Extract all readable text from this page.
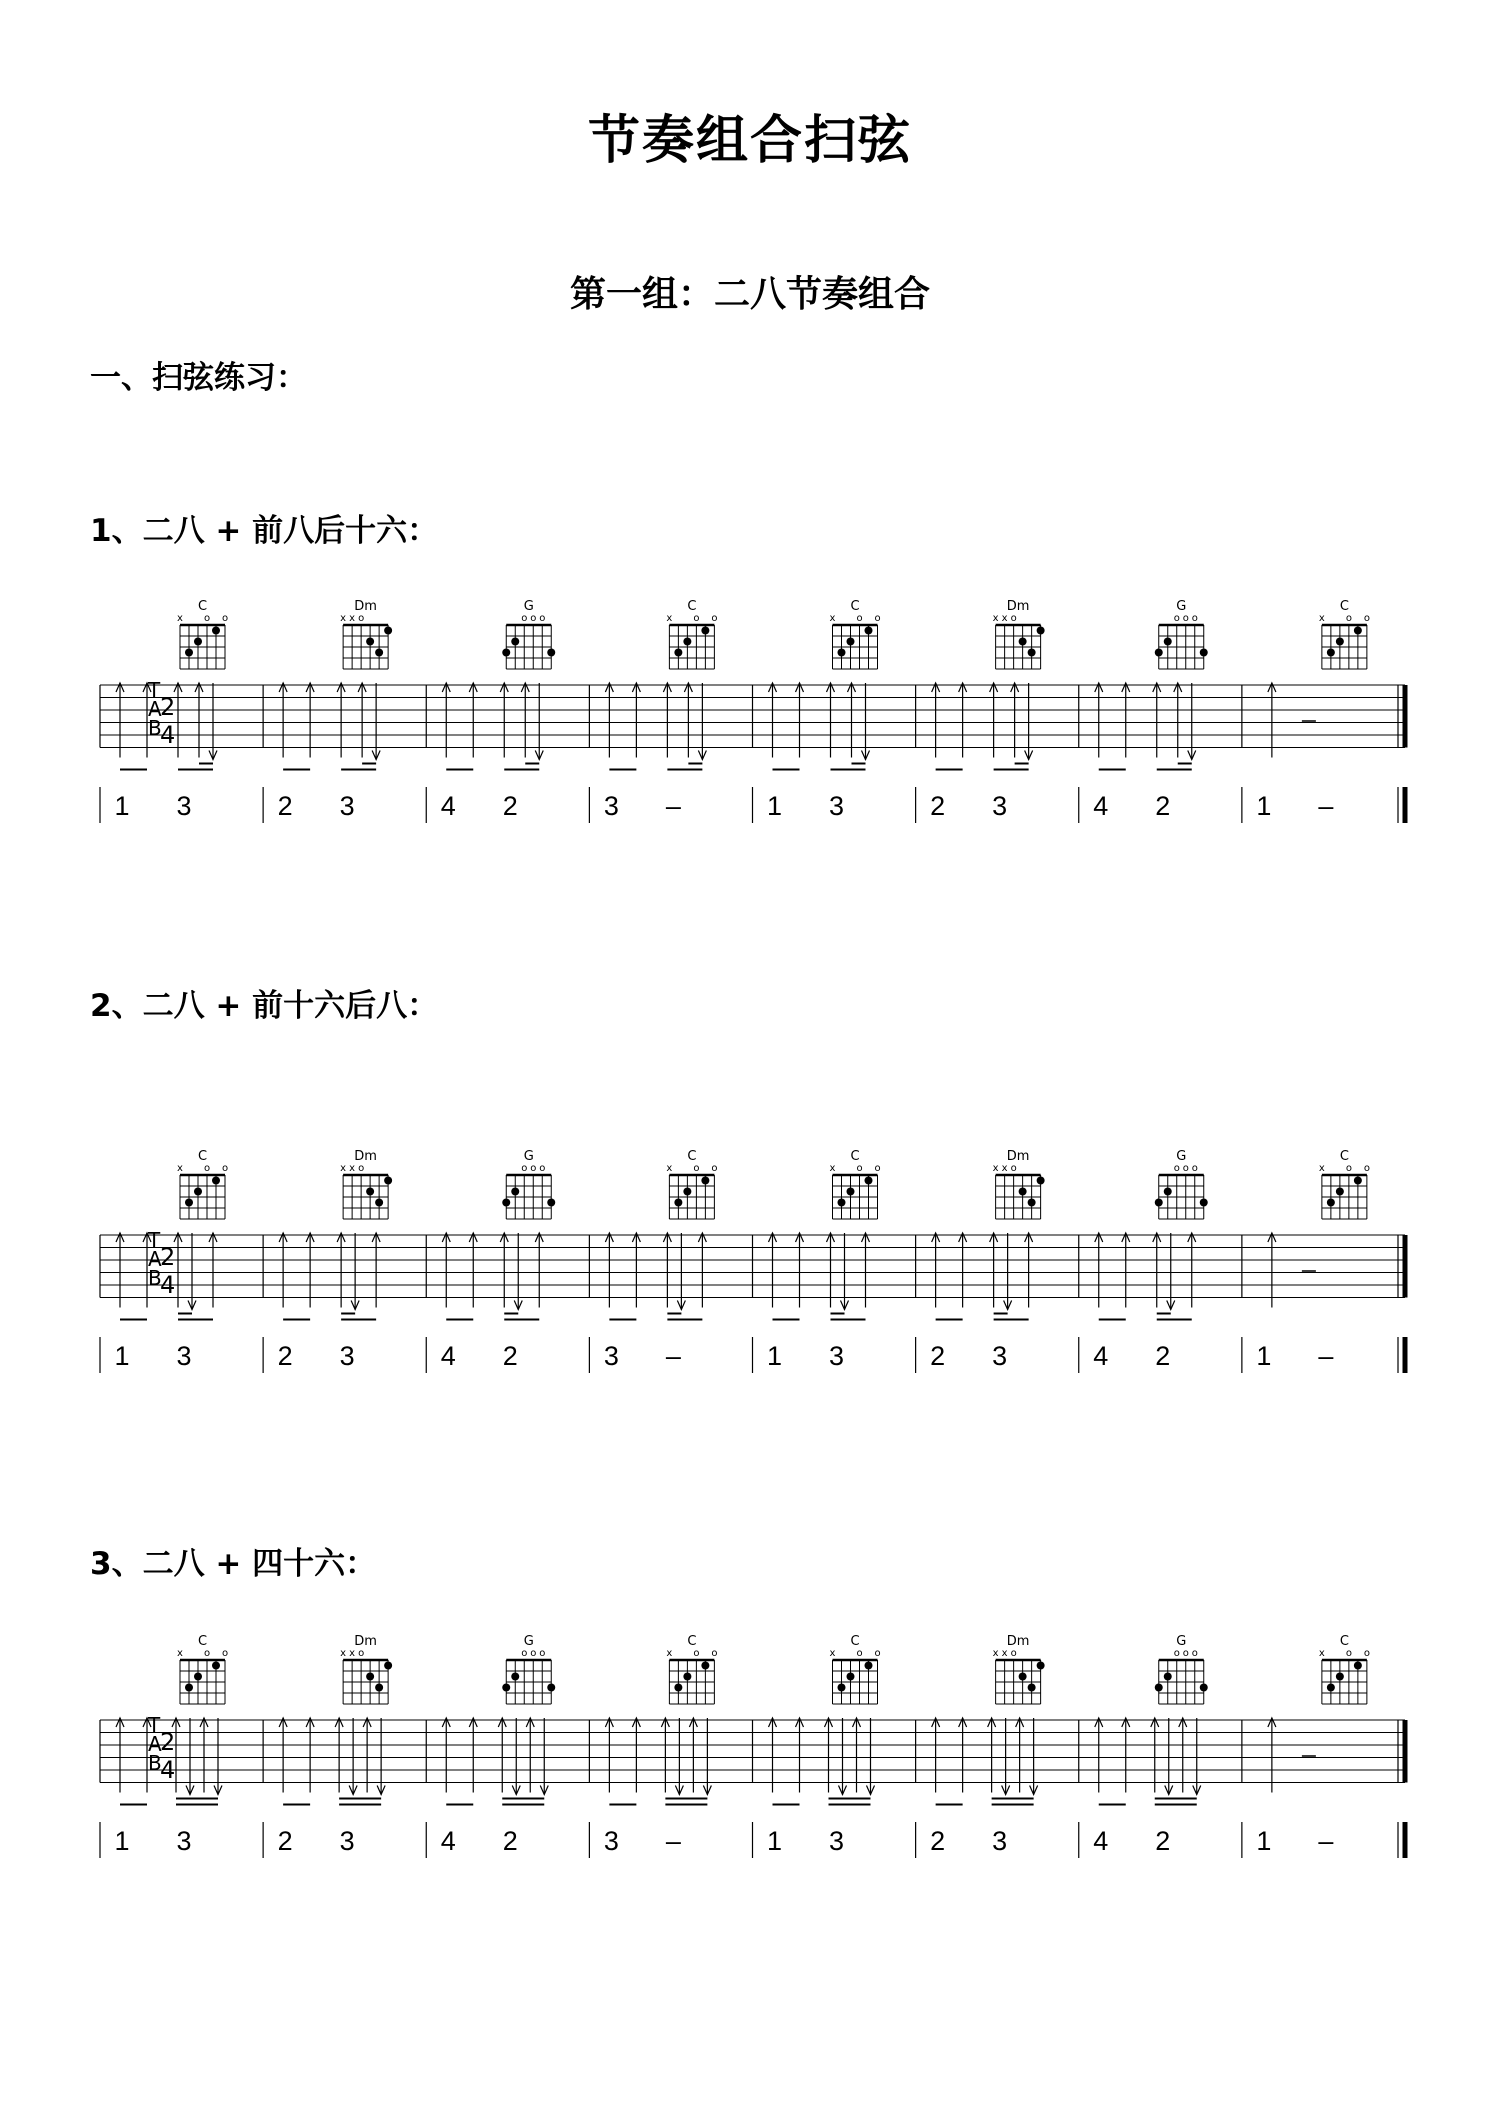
节奏组合扫弦
第一组：二八节奏组合
一、扫弦练习：
1、二八 + 前八后十六：
T
A
B
2
4
1 3	2 3	4 2	3 –	1 3	2 3	4 2	1 –
C
x o o
Dm
x x o
G
o o o
C
x o o
C
x o o
Dm
x x o
G
o o o
C
x o o
2、二八 + 前十六后八：
T
A
B
2
4
1 3	2 3	4 2	3 –	1 3	2 3	4 2	1 –
C
x o o
Dm
x x o
G
o o o
C
x o o
C
x o o
Dm
x x o
G
o o o
C
x o o
3、二八 + 四十六：
T
A
B
2
4
1 3	2 3	4 2	3 –	1 3	2 3	4 2	1 –
C
x o o
Dm
x x o
G
o o o
C
x o o
C
x o o
Dm
x x o
G
o o o
C
x o o
